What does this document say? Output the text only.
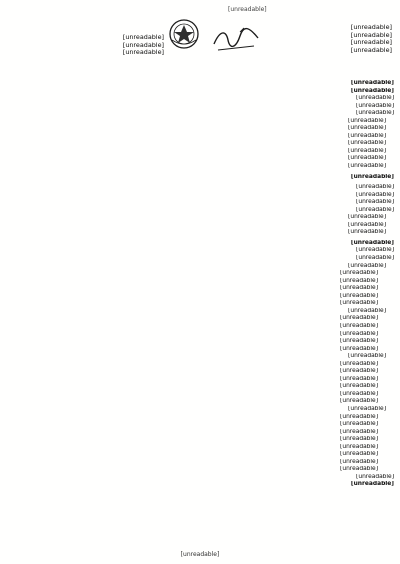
[unreadable]
[unreadable]
[unreadable]
[unreadable]
[unreadable]
[unreadable]
[unreadable]
[unreadable]
[unreadable]
[unreadable]
[unreadable]
[unreadable]
[unreadable]
[unreadable]
[unreadable]
[unreadable]
[unreadable]
[unreadable]
[unreadable]
[unreadable]
[unreadable]
[unreadable]
[unreadable]
[unreadable]
[unreadable]
[unreadable]
[unreadable]
[unreadable]
[unreadable]
[unreadable]
[unreadable]
[unreadable]
[unreadable]
[unreadable]
[unreadable]
[unreadable]
[unreadable]
[unreadable]
[unreadable]
[unreadable]
[unreadable]
[unreadable]
[unreadable]
[unreadable]
[unreadable]
[unreadable]
[unreadable]
[unreadable]
[unreadable]
[unreadable]
[unreadable]
[unreadable]
[unreadable]
[unreadable]
[unreadable]
[unreadable]
[unreadable]
[unreadable]
[unreadable]
[unreadable]
[unreadable]
[unreadable]
